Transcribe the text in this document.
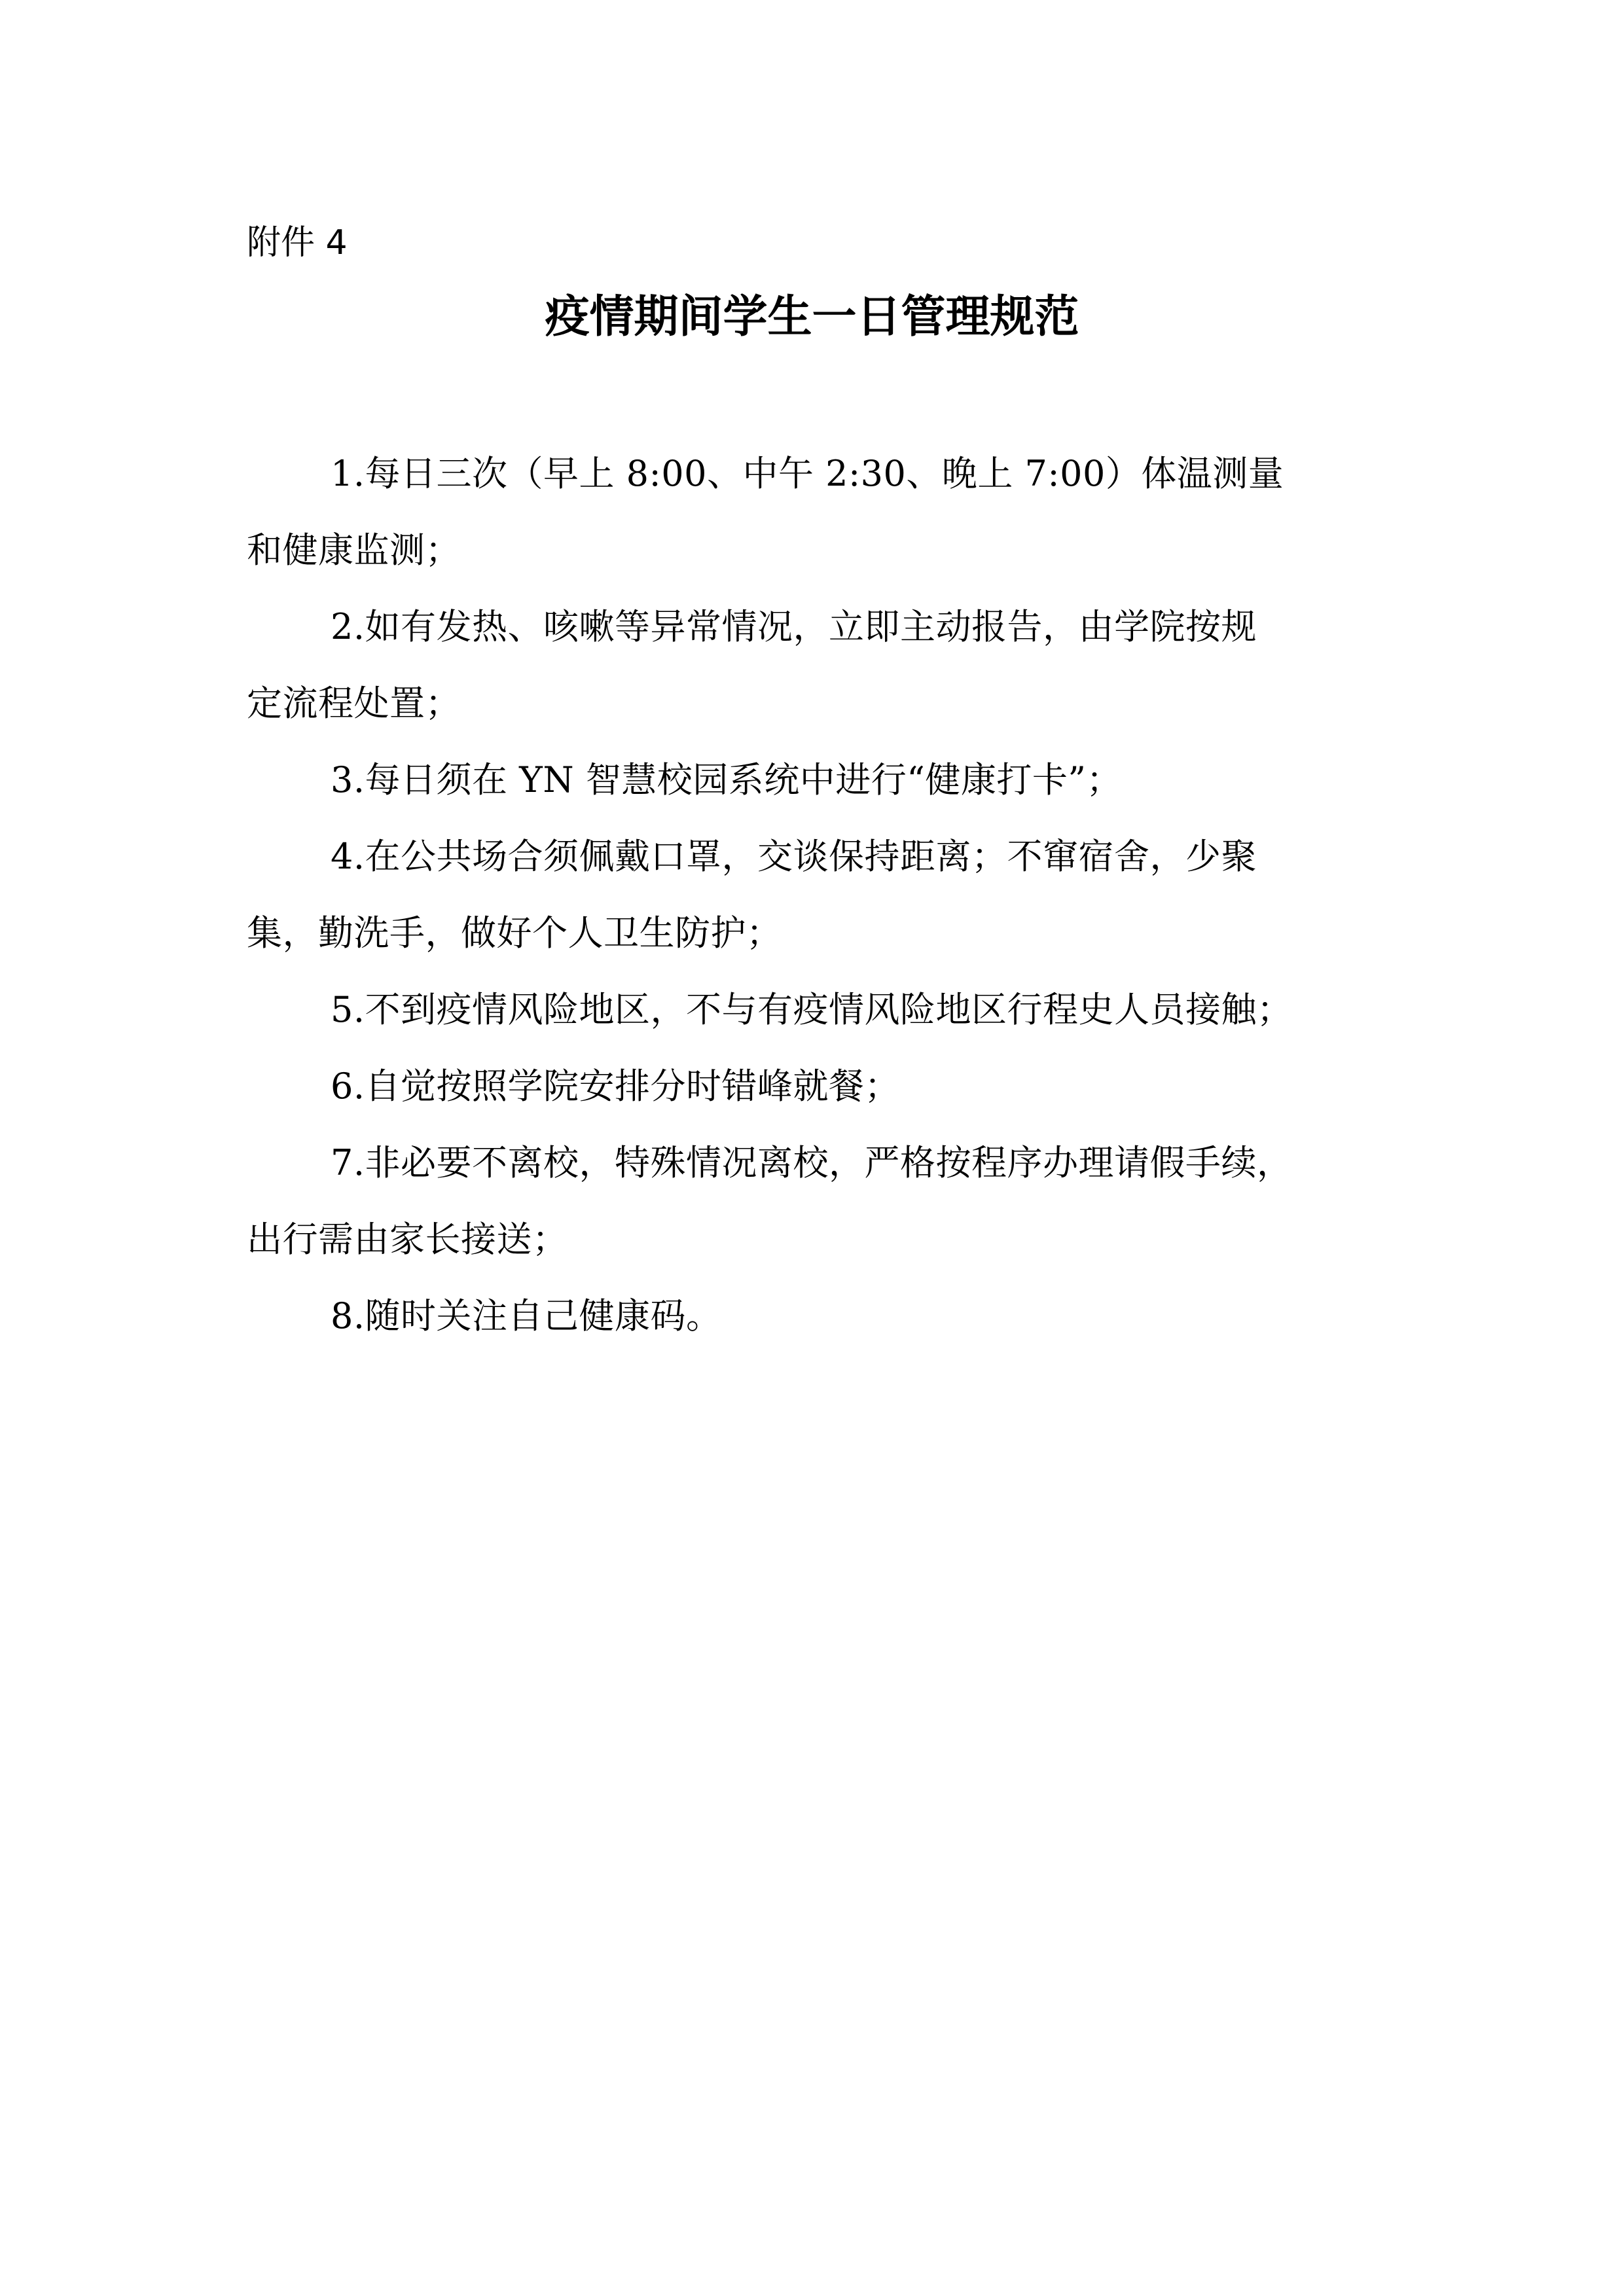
附件 4
疫情期间学生一日管理规范
1.每日三次（早上 8:00、中午 2:30、晚上 7:00）体温测量
和健康监测；
2.如有发热、咳嗽等异常情况，立即主动报告，由学院按规
定流程处置；
3.每日须在 YN 智慧校园系统中进行“健康打卡”；
4.在公共场合须佩戴口罩，交谈保持距离；不窜宿舍，少聚
集，勤洗手，做好个人卫生防护；
5.不到疫情风险地区，不与有疫情风险地区行程史人员接触；
6.自觉按照学院安排分时错峰就餐；
7.非必要不离校，特殊情况离校，严格按程序办理请假手续，
出行需由家长接送；
8.随时关注自己健康码。
